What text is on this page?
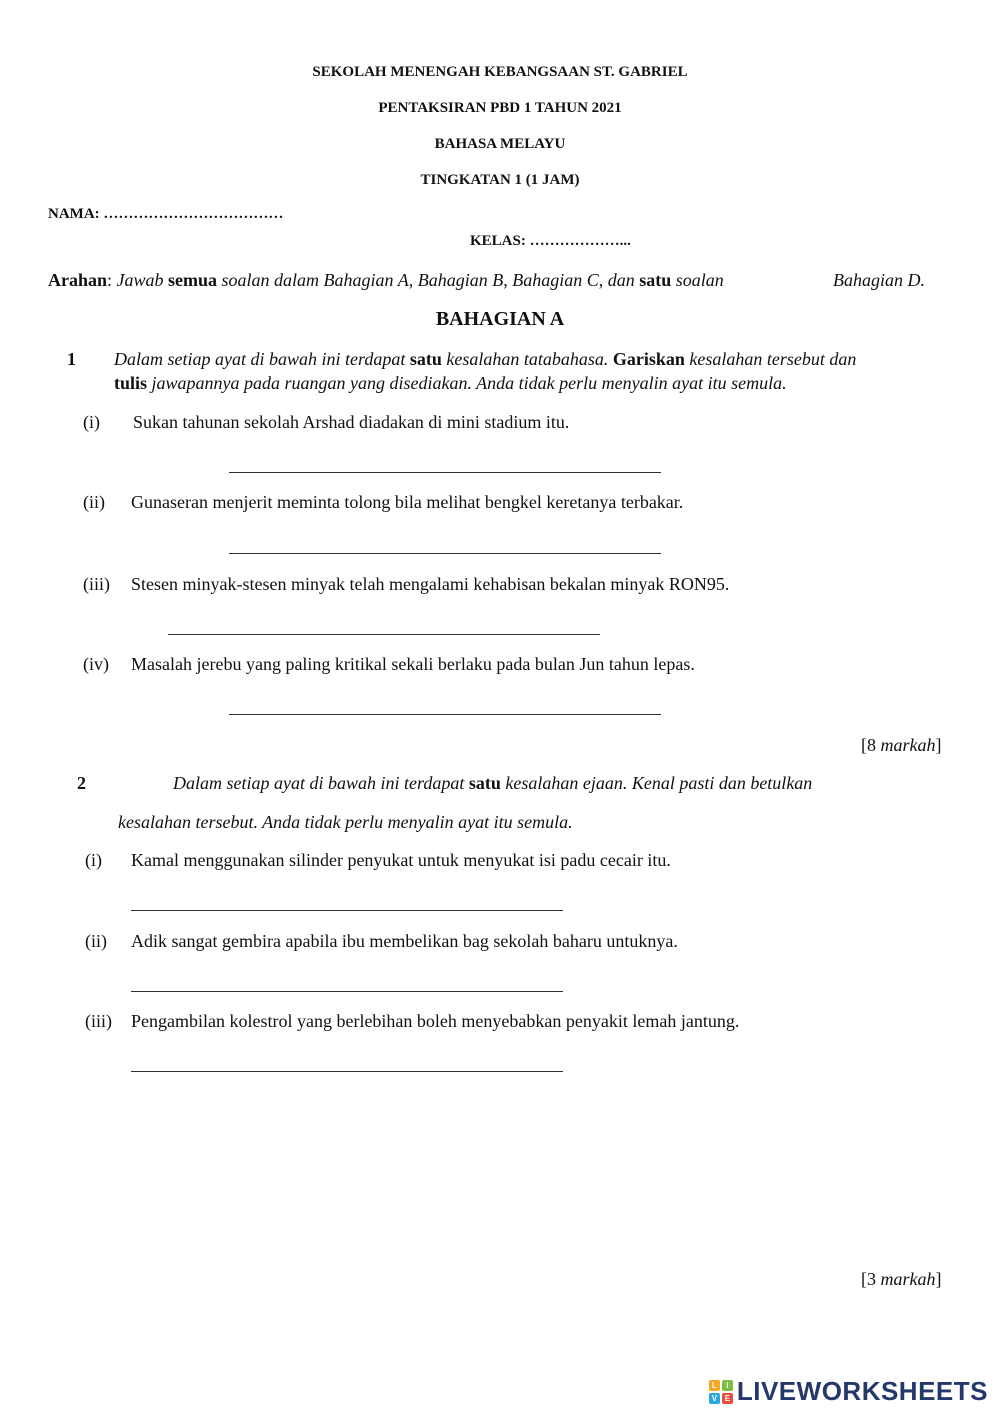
SEKOLAH MENENGAH KEBANGSAAN ST. GABRIEL
PENTAKSIRAN PBD 1 TAHUN 2021
BAHASA MELAYU
TINGKATAN 1 (1 JAM)
NAMA: ………………………………
KELAS: ………………...
Arahan: Jawab semua soalan dalam Bahagian A, Bahagian B, Bahagian C, dan satu soalan	Bahagian D.
BAHAGIAN A
1 Dalam setiap ayat di bawah ini terdapat satu kesalahan tatabahasa. Gariskan kesalahan tersebut dan
tulis jawapannya pada ruangan yang disediakan. Anda tidak perlu menyalin ayat itu semula.
(i) Sukan tahunan sekolah Arshad diadakan di mini stadium itu.
(ii) Gunaseran menjerit meminta tolong bila melihat bengkel keretanya terbakar.
(iii) Stesen minyak-stesen minyak telah mengalami kehabisan bekalan minyak RON95.
(iv) Masalah jerebu yang paling kritikal sekali berlaku pada bulan Jun tahun lepas.
[8 markah]
2	Dalam setiap ayat di bawah ini terdapat satu kesalahan ejaan. Kenal pasti dan betulkan
kesalahan tersebut. Anda tidak perlu menyalin ayat itu semula.
(i) Kamal menggunakan silinder penyukat untuk menyukat isi padu cecair itu.
(ii) Adik sangat gembira apabila ibu membelikan bag sekolah baharu untuknya.
(iii) Pengambilan kolestrol yang berlebihan boleh menyebabkan penyakit lemah jantung.
[3 markah]
L	I
V E LIVEWORKSHEETS
